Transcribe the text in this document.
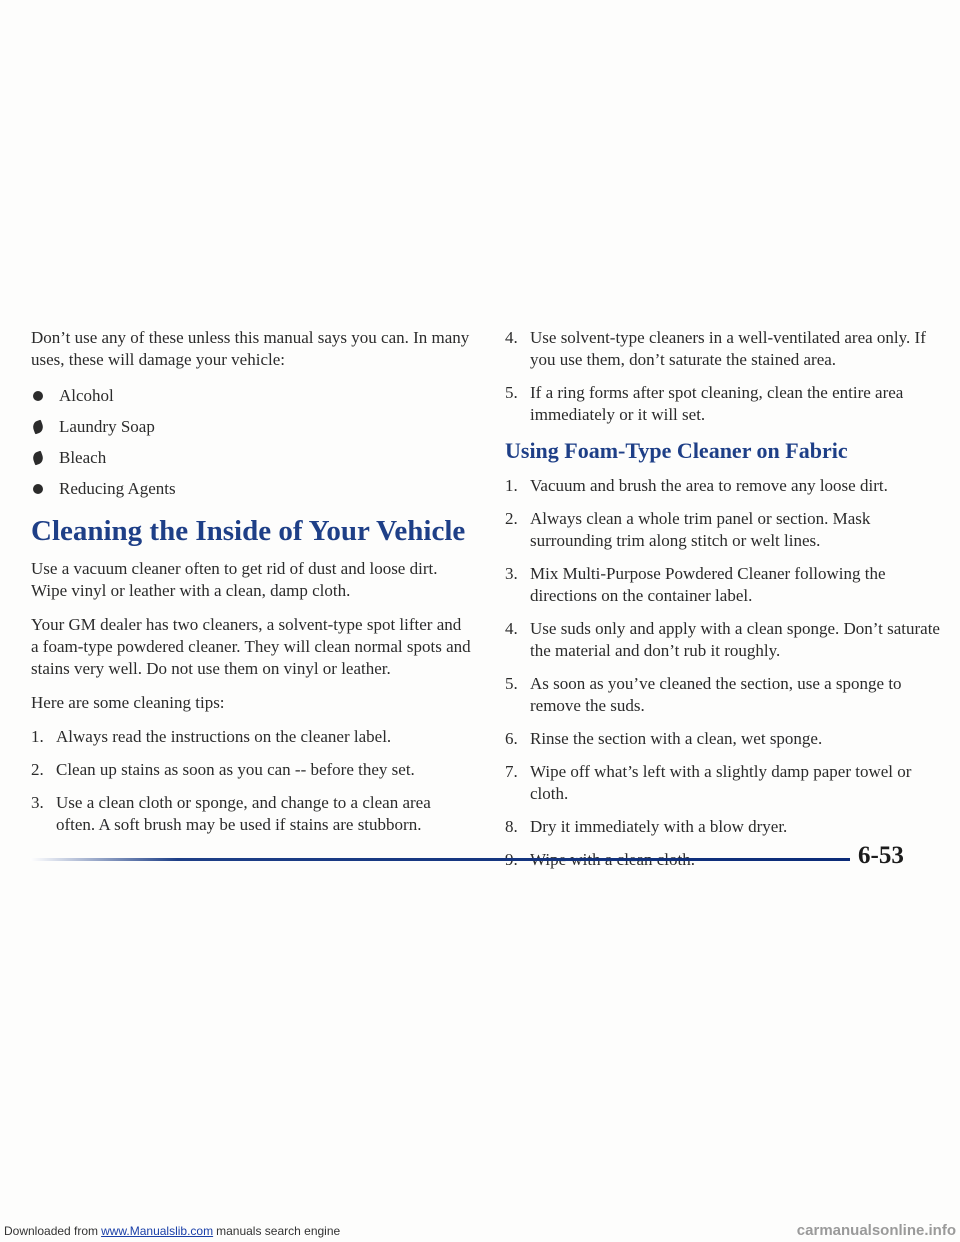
Don’t use any of these unless this manual says you can. In many uses, these will damage your vehicle:

Alcohol
Laundry Soap
Bleach
Reducing Agents
Cleaning the Inside of Your Vehicle

Use a vacuum cleaner often to get rid of dust and loose dirt. Wipe vinyl or leather with a clean, damp cloth.

Your GM dealer has two cleaners, a solvent-type spot lifter and a foam-type powdered cleaner. They will clean normal spots and stains very well. Do not use them on vinyl or leather.

Here are some cleaning tips:

1. Always read the instructions on the cleaner label.
2. Clean up stains as soon as you can -- before they set.
3. Use a clean cloth or sponge, and change to a clean area often. A soft brush may be used if stains are stubborn.
4. Use solvent-type cleaners in a well-ventilated area only. If you use them, don’t saturate the stained area.
5. If a ring forms after spot cleaning, clean the entire area immediately or it will set.
Using Foam-Type Cleaner on Fabric
1. Vacuum and brush the area to remove any loose dirt.
2. Always clean a whole trim panel or section. Mask surrounding trim along stitch or welt lines.
3. Mix Multi-Purpose Powdered Cleaner following the directions on the container label.
4. Use suds only and apply with a clean sponge. Don’t saturate the material and don’t rub it roughly.
5. As soon as you’ve cleaned the section, use a sponge to remove the suds.
6. Rinse the section with a clean, wet sponge.
7. Wipe off what’s left with a slightly damp paper towel or cloth.
8. Dry it immediately with a blow dryer.
6-53
Downloaded from www.Manualslib.com manuals search engine	carmanualsonline.info
